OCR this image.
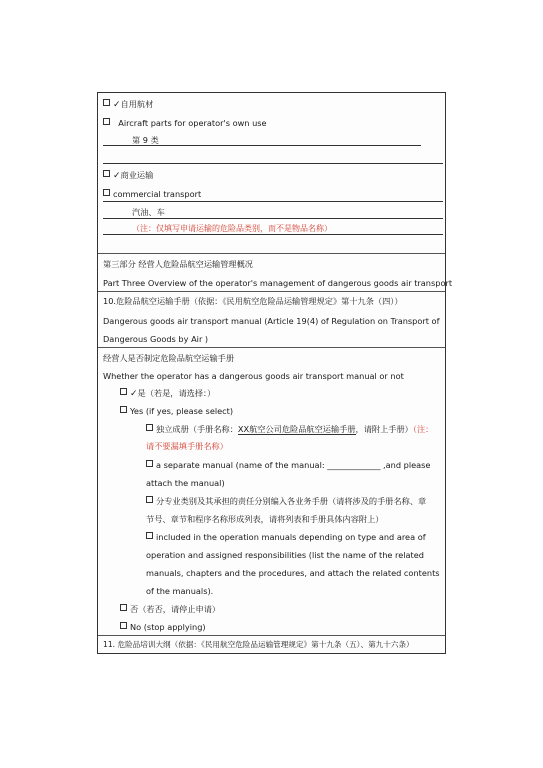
✓自用航材
Aircraft parts for operator's own use
第 9 类
✓商业运输
commercial transport
汽油、车
（注：仅填写申请运输的危险品类别，而不是物品名称）
第三部分 经营人危险品航空运输管理概况
Part Three Overview of the operator's management of dangerous goods air transport
10.危险品航空运输手册（依据：《民用航空危险品运输管理规定》第十九条（四））
Dangerous goods air transport manual (Article 19(4) of Regulation on Transport of
Dangerous Goods by Air )
经营人是否制定危险品航空运输手册
Whether the operator has a dangerous goods air transport manual or not
✓是（若是，请选择：）
Yes (if yes, please select)
独立成册（手册名称：XX航空公司危险品航空运输手册，请附上手册）（注：
请不要漏填手册名称）
a separate manual (name of the manual: _____________ ,and please
attach the manual)
分专业类别及其承担的责任分别编入各业务手册（请将涉及的手册名称、章
节号、章节和程序名称形成列表，请将列表和手册具体内容附上）
included in the operation manuals depending on type and area of
operation and assigned responsibilities (list the name of the related
manuals, chapters and the procedures, and attach the related contents
of the manuals).
否（若否，请停止申请）
No (stop applying)
11. 危险品培训大纲（依据：《民用航空危险品运输管理规定》第十九条（五）、第九十六条）
